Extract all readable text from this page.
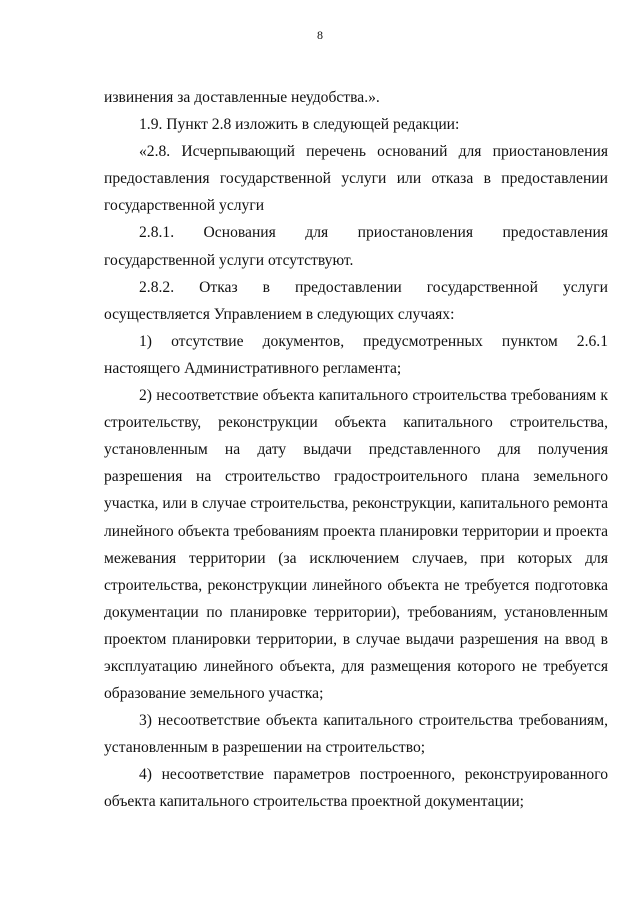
8

извинения за доставленные неудобства.».

1.9. Пункт 2.8 изложить в следующей редакции:

«2.8. Исчерпывающий перечень оснований для приостановления предоставления государственной услуги или отказа в предоставлении государственной услуги

2.8.1. Основания для приостановления предоставления государственной услуги отсутствуют.

2.8.2. Отказ в предоставлении государственной услуги осуществляется Управлением в следующих случаях:

1) отсутствие документов, предусмотренных пунктом 2.6.1 настоящего Административного регламента;

2) несоответствие объекта капитального строительства требованиям к строительству, реконструкции объекта капитального строительства, установленным на дату выдачи представленного для получения разрешения на строительство градостроительного плана земельного участка, или в случае строительства, реконструкции, капитального ремонта линейного объекта требованиям проекта планировки территории и проекта межевания территории (за исключением случаев, при которых для строительства, реконструкции линейного объекта не требуется подготовка документации по планировке территории), требованиям, установленным проектом планировки территории, в случае выдачи разрешения на ввод в эксплуатацию линейного объекта, для размещения которого не требуется образование земельного участка;

3) несоответствие объекта капитального строительства требованиям, установленным в разрешении на строительство;

4) несоответствие параметров построенного, реконструированного объекта капитального строительства проектной документации;
